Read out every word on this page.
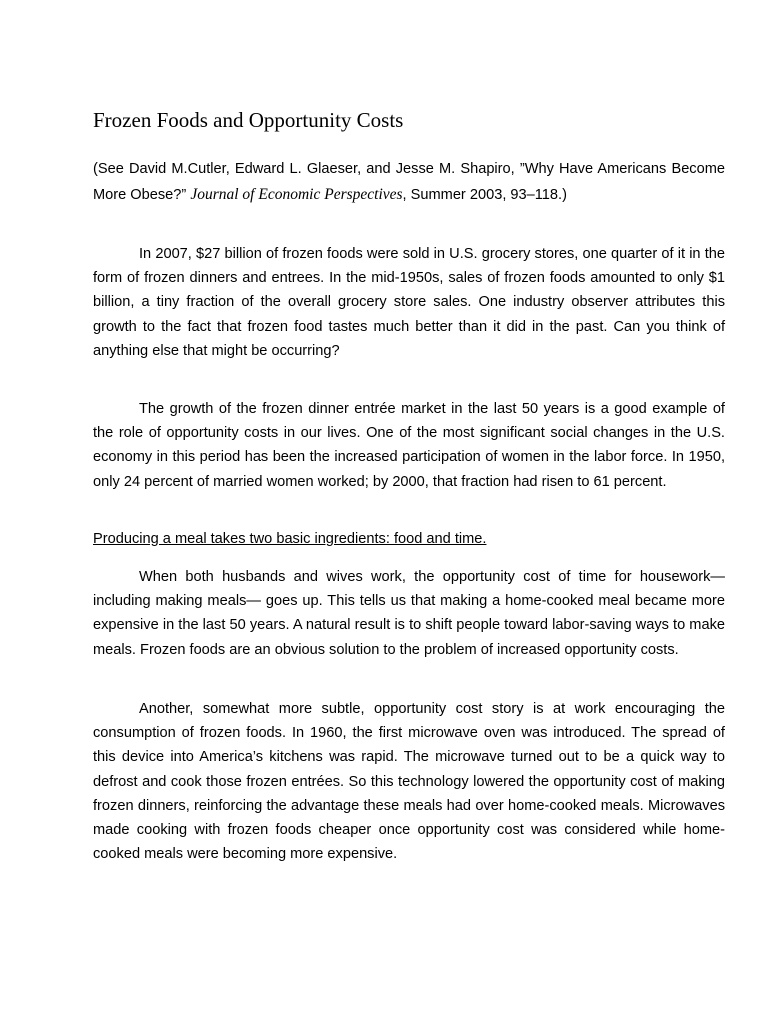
Frozen Foods and Opportunity Costs

(See David M.Cutler, Edward L. Glaeser, and Jesse M. Shapiro, ”Why Have Americans Become More Obese?” Journal of Economic Perspectives, Summer 2003, 93–118.)

In 2007, $27 billion of frozen foods were sold in U.S. grocery stores, one quarter of it in the form of frozen dinners and entrees. In the mid-1950s, sales of frozen foods amounted to only $1 billion, a tiny fraction of the overall grocery store sales. One industry observer attributes this growth to the fact that frozen food tastes much better than it did in the past. Can you think of anything else that might be occurring?

The growth of the frozen dinner entrée market in the last 50 years is a good example of the role of opportunity costs in our lives. One of the most significant social changes in the U.S. economy in this period has been the increased participation of women in the labor force. In 1950, only 24 percent of married women worked; by 2000, that fraction had risen to 61 percent.

Producing a meal takes two basic ingredients: food and time.

When both husbands and wives work, the opportunity cost of time for housework—including making meals— goes up. This tells us that making a home-cooked meal became more expensive in the last 50 years. A natural result is to shift people toward labor-saving ways to make meals. Frozen foods are an obvious solution to the problem of increased opportunity costs.

Another, somewhat more subtle, opportunity cost story is at work encouraging the consumption of frozen foods. In 1960, the first microwave oven was introduced. The spread of this device into America’s kitchens was rapid. The microwave turned out to be a quick way to defrost and cook those frozen entrées. So this technology lowered the opportunity cost of making frozen dinners, reinforcing the advantage these meals had over home-cooked meals. Microwaves made cooking with frozen foods cheaper once opportunity cost was considered while home-cooked meals were becoming more expensive.
